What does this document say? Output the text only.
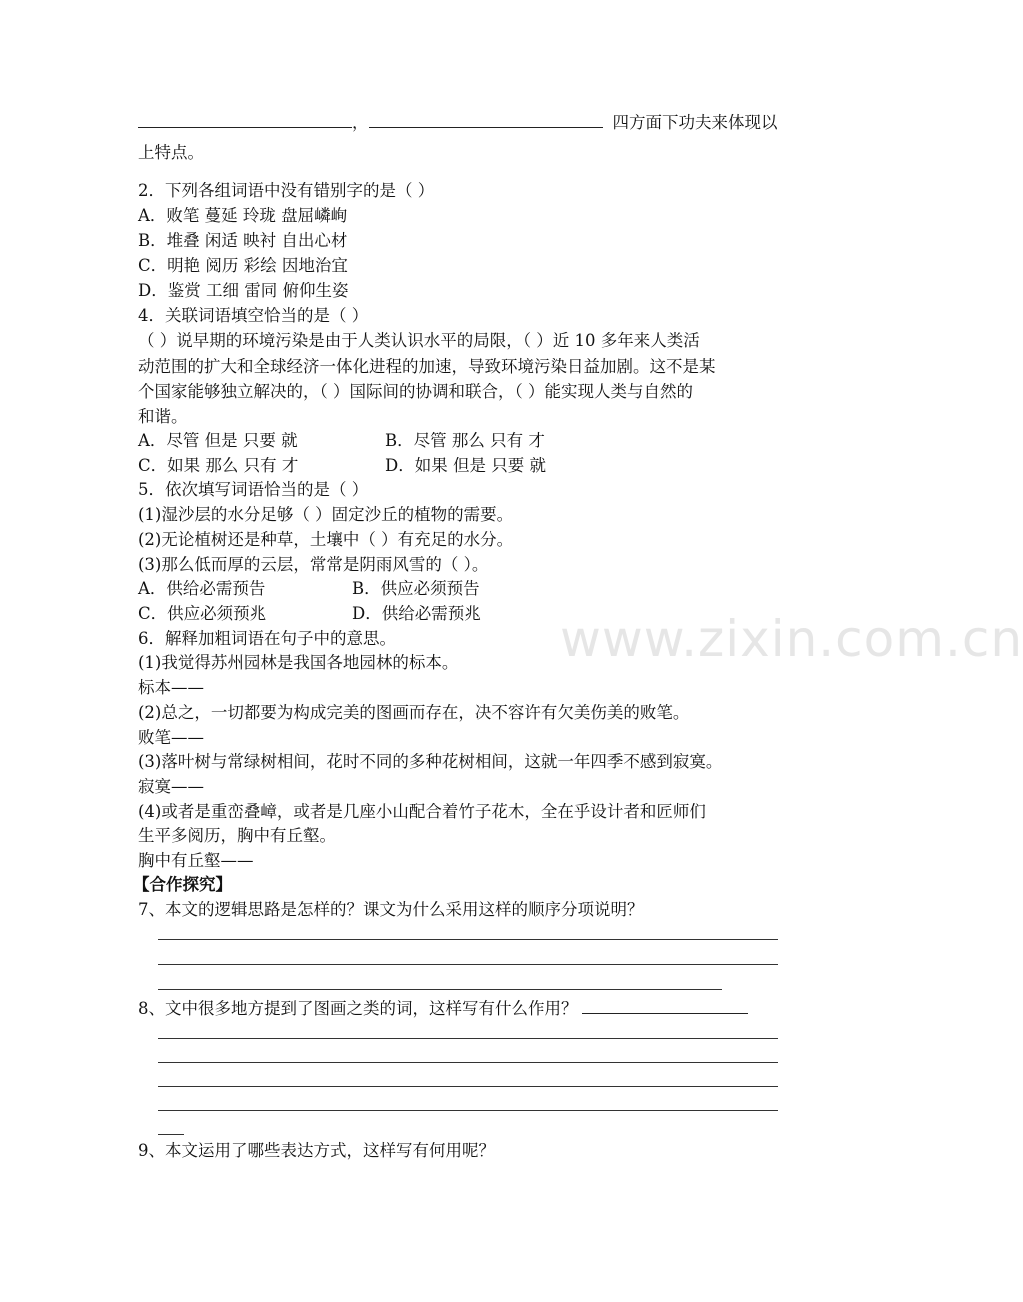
www.zixin.com.cn
，	四方面下功夫来体现以
上特点。
2．下列各组词语中没有错别字的是（ ）
A．败笔 蔓延 玲珑 盘屈嶙峋
B．堆叠 闲适 映衬 自出心材
C．明艳 阅历 彩绘 因地治宜
D．鉴赏 工细 雷同 俯仰生姿
4．关联词语填空恰当的是（ ）
（ ）说早期的环境污染是由于人类认识水平的局限，（ ）近 10 多年来人类活
动范围的扩大和全球经济一体化进程的加速，导致环境污染日益加剧。这不是某
个国家能够独立解决的，（ ）国际间的协调和联合，（ ）能实现人类与自然的
和谐。
A．尽管 但是 只要 就	B．尽管 那么 只有 才
C．如果 那么 只有 才	D．如果 但是 只要 就
5．依次填写词语恰当的是（ ）
(1)湿沙层的水分足够（ ）固定沙丘的植物的需要。
(2)无论植树还是种草，土壤中（ ）有充足的水分。
(3)那么低而厚的云层，常常是阴雨风雪的（ ）。
A．供给必需预告	B．供应必须预告
C．供应必须预兆	D．供给必需预兆
6．解释加粗词语在句子中的意思。
(1)我觉得苏州园林是我国各地园林的标本。
标本——
(2)总之，一切都要为构成完美的图画而存在，决不容许有欠美伤美的败笔。
败笔——
(3)落叶树与常绿树相间，花时不同的多种花树相间，这就一年四季不感到寂寞。
寂寞——
(4)或者是重峦叠嶂，或者是几座小山配合着竹子花木，全在乎设计者和匠师们
生平多阅历，胸中有丘壑。
胸中有丘壑——
【合作探究】
7、本文的逻辑思路是怎样的？课文为什么采用这样的顺序分项说明？
8、文中很多地方提到了图画之类的词，这样写有什么作用？
9、本文运用了哪些表达方式，这样写有何用呢？
